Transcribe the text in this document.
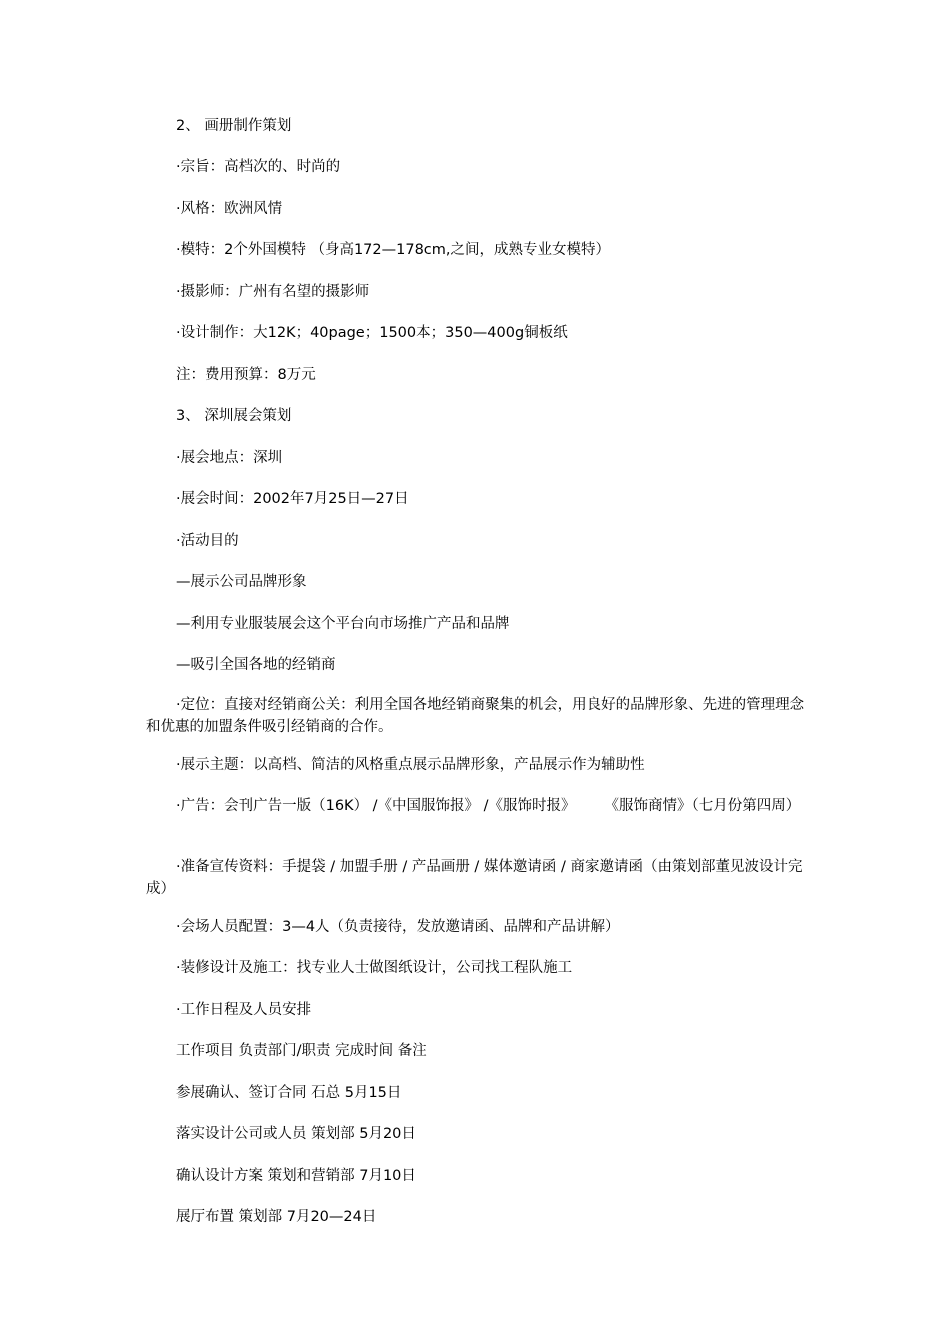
2、 画册制作策划
·宗旨：高档次的、时尚的
·风格：欧洲风情
·模特：2个外国模特 （身高172—178cm,之间，成熟专业女模特）
·摄影师：广州有名望的摄影师
·设计制作：大12K；40page；1500本；350—400g铜板纸
注：费用预算：8万元
3、 深圳展会策划
·展会地点：深圳
·展会时间：2002年7月25日—27日
·活动目的
—展示公司品牌形象
—利用专业服装展会这个平台向市场推广产品和品牌
—吸引全国各地的经销商
·定位：直接对经销商公关：利用全国各地经销商聚集的机会，用良好的品牌形象、先进的管理理念和优惠的加盟条件吸引经销商的合作。
·展示主题：以高档、简洁的风格重点展示品牌形象，产品展示作为辅助性
·广告：会刊广告一版（16K） /《中国服饰报》 /《服饰时报》　　　《服饰商情》（七月份第四周）
·准备宣传资料：手提袋 / 加盟手册 / 产品画册 / 媒体邀请函 / 商家邀请函（由策划部董见波设计完成）
·会场人员配置：3—4人（负责接待，发放邀请函、品牌和产品讲解）
·装修设计及施工：找专业人士做图纸设计，公司找工程队施工
·工作日程及人员安排
工作项目 负责部门/职责 完成时间 备注
参展确认、签订合同 石总 5月15日
落实设计公司或人员 策划部 5月20日
确认设计方案 策划和营销部 7月10日
展厅布置 策划部 7月20—24日
